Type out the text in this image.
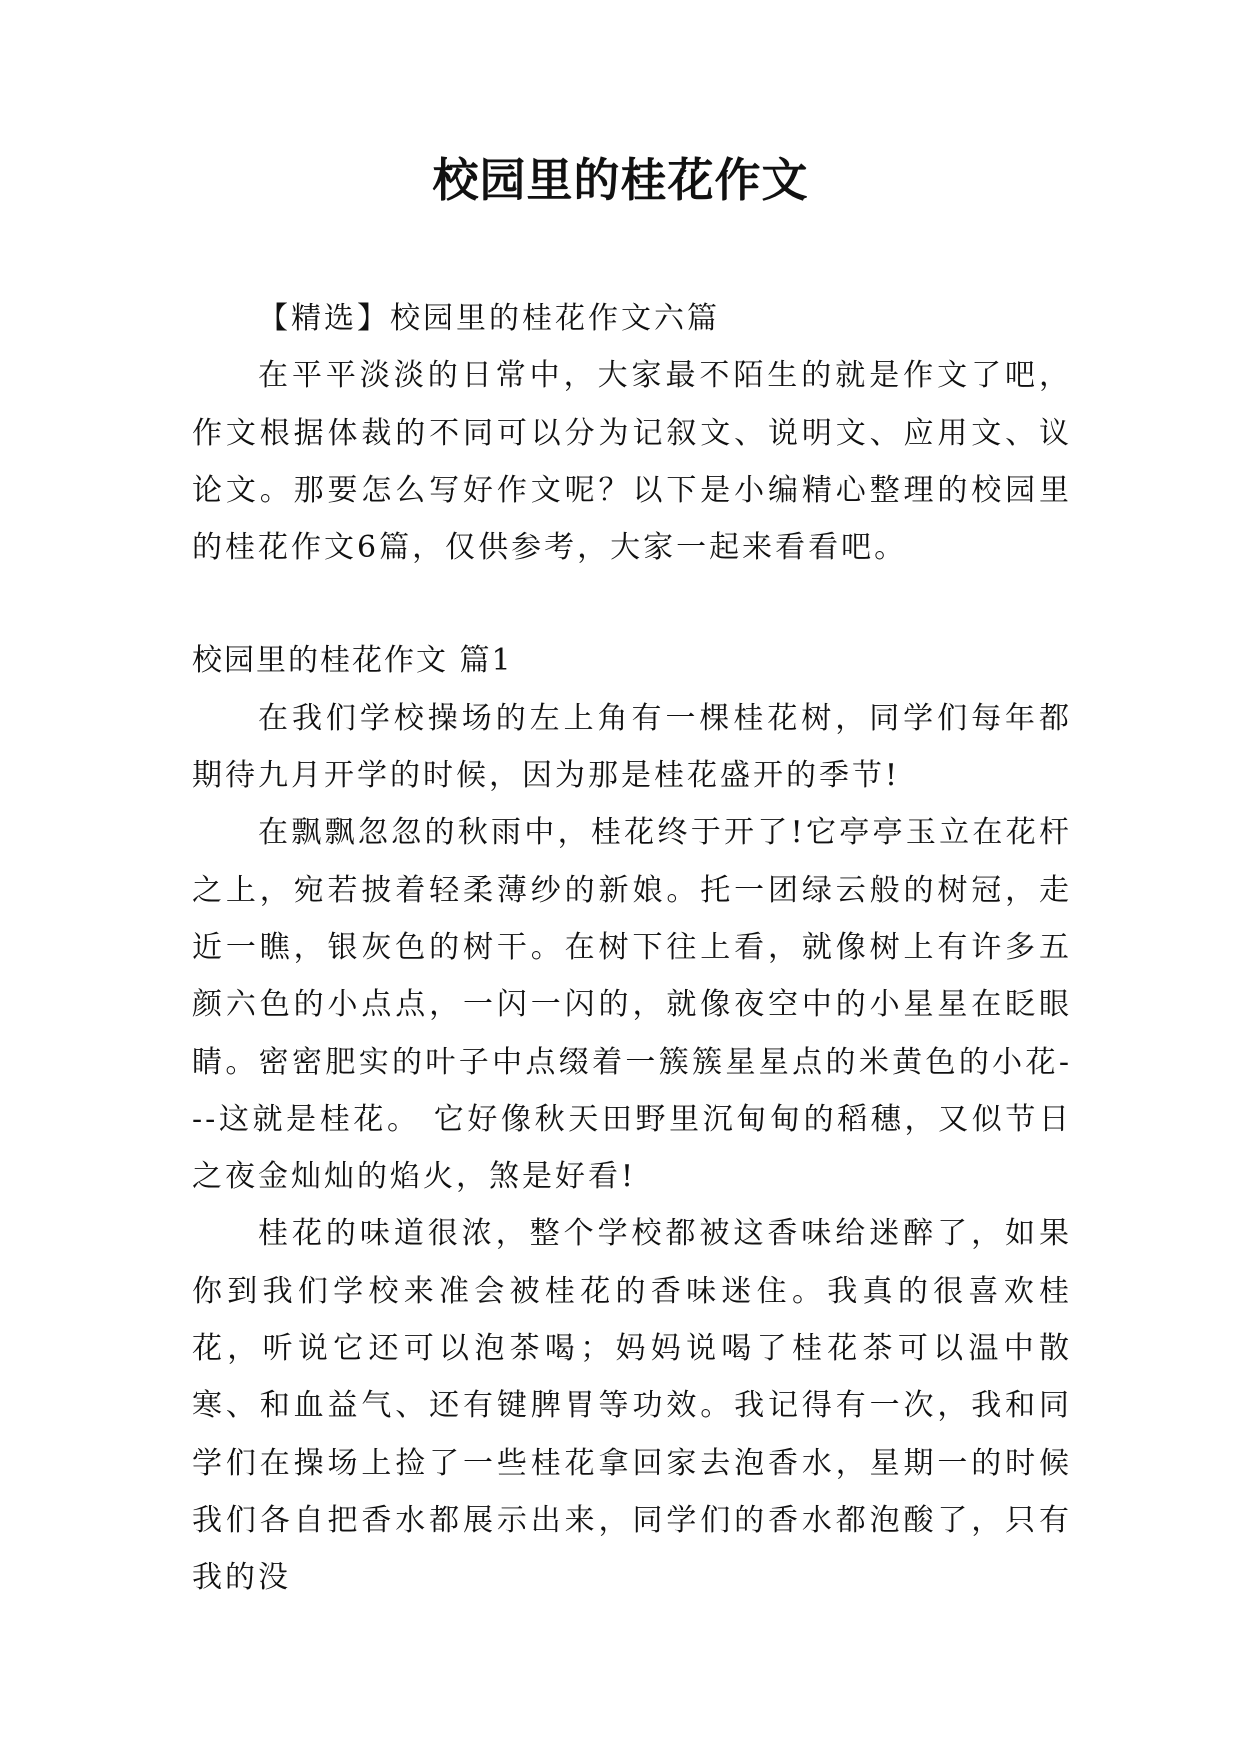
校园里的桂花作文

【精选】校园里的桂花作文六篇

在平平淡淡的日常中，大家最不陌生的就是作文了吧，作文根据体裁的不同可以分为记叙文、说明文、应用文、议论文。那要怎么写好作文呢？以下是小编精心整理的校园里的桂花作文6篇，仅供参考，大家一起来看看吧。

校园里的桂花作文 篇1

在我们学校操场的左上角有一棵桂花树，同学们每年都期待九月开学的时候，因为那是桂花盛开的季节!

在飘飘忽忽的秋雨中，桂花终于开了!它亭亭玉立在花杆之上，宛若披着轻柔薄纱的新娘。托一团绿云般的树冠，走近一瞧，银灰色的树干。在树下往上看，就像树上有许多五颜六色的小点点，一闪一闪的，就像夜空中的小星星在眨眼睛。密密肥实的叶子中点缀着一簇簇星星点的米黄色的小花---这就是桂花。 它好像秋天田野里沉甸甸的稻穗，又似节日之夜金灿灿的焰火，煞是好看!

桂花的味道很浓，整个学校都被这香味给迷醉了，如果你到我们学校来准会被桂花的香味迷住。我真的很喜欢桂花，听说它还可以泡茶喝；妈妈说喝了桂花茶可以温中散寒、和血益气、还有键脾胃等功效。我记得有一次，我和同学们在操场上捡了一些桂花拿回家去泡香水，星期一的时候我们各自把香水都展示出来，同学们的香水都泡酸了，只有我的没
